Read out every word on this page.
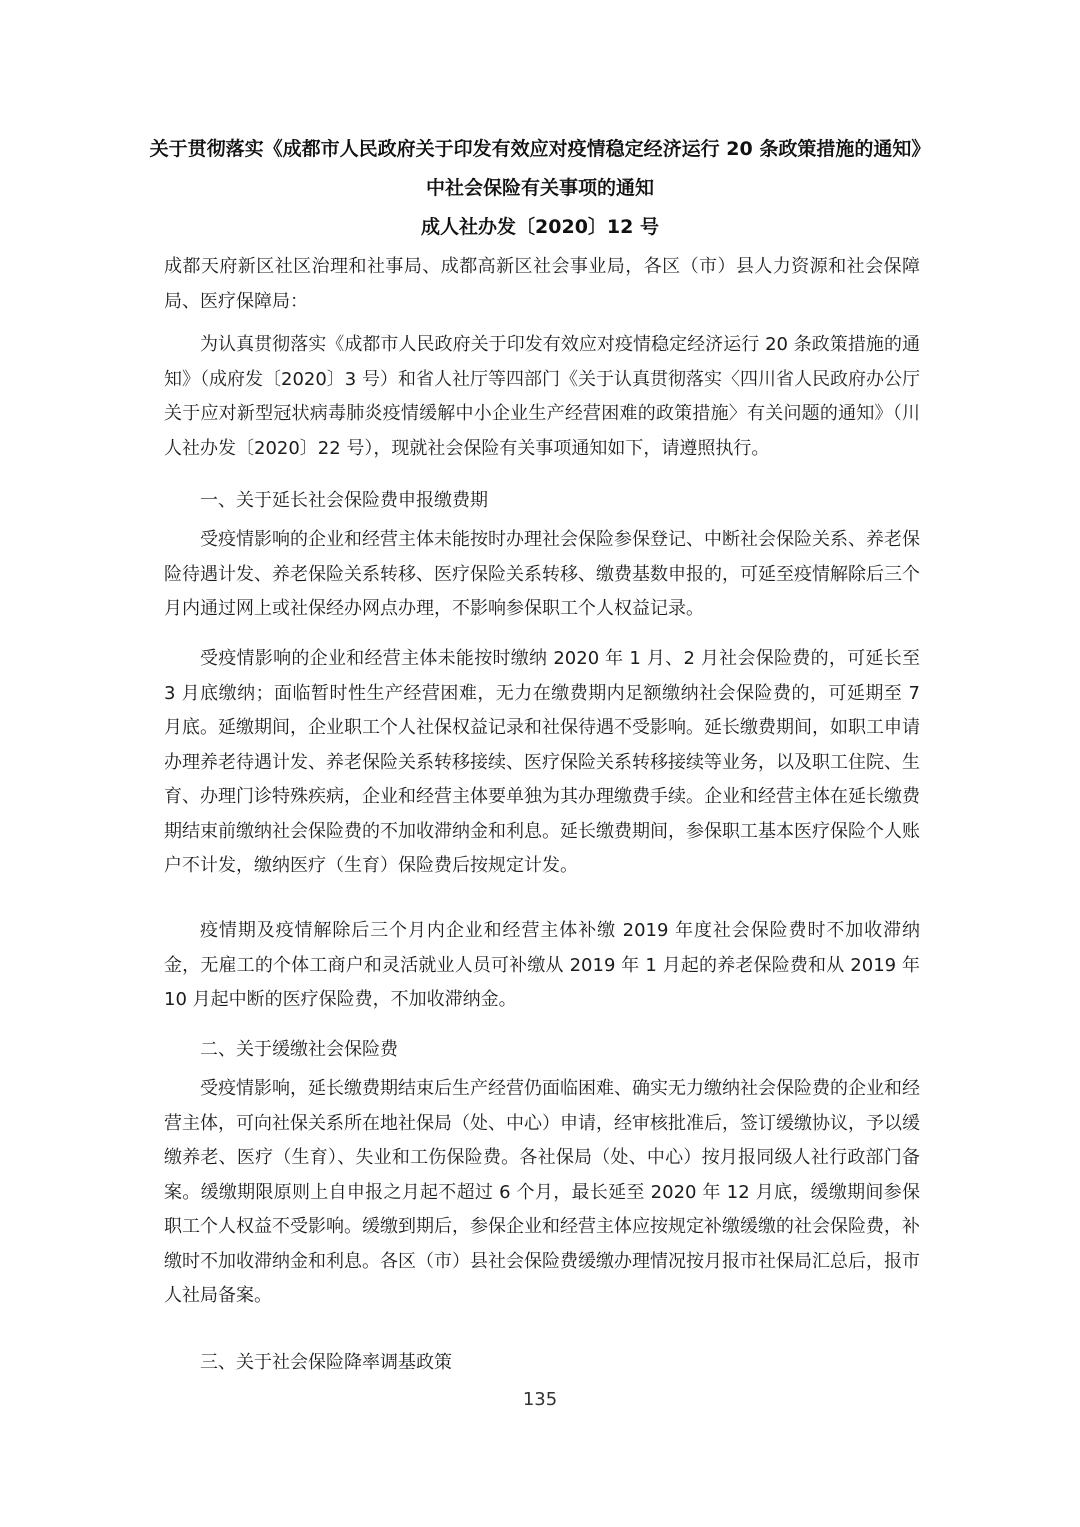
关于贯彻落实《成都市人民政府关于印发有效应对疫情稳定经济运行 20 条政策措施的通知》
中社会保险有关事项的通知
成人社办发〔2020〕12 号
成都天府新区社区治理和社事局、成都高新区社会事业局，各区（市）县人力资源和社会保障局、医疗保障局：
为认真贯彻落实《成都市人民政府关于印发有效应对疫情稳定经济运行 20 条政策措施的通知》（成府发〔2020〕3 号）和省人社厅等四部门《关于认真贯彻落实〈四川省人民政府办公厅关于应对新型冠状病毒肺炎疫情缓解中小企业生产经营困难的政策措施〉有关问题的通知》（川人社办发〔2020〕22 号），现就社会保险有关事项通知如下，请遵照执行。
一、关于延长社会保险费申报缴费期
受疫情影响的企业和经营主体未能按时办理社会保险参保登记、中断社会保险关系、养老保险待遇计发、养老保险关系转移、医疗保险关系转移、缴费基数申报的，可延至疫情解除后三个月内通过网上或社保经办网点办理，不影响参保职工个人权益记录。
受疫情影响的企业和经营主体未能按时缴纳 2020 年 1 月、2 月社会保险费的，可延长至 3 月底缴纳；面临暂时性生产经营困难，无力在缴费期内足额缴纳社会保险费的，可延期至 7 月底。延缴期间，企业职工个人社保权益记录和社保待遇不受影响。延长缴费期间，如职工申请办理养老待遇计发、养老保险关系转移接续、医疗保险关系转移接续等业务，以及职工住院、生育、办理门诊特殊疾病，企业和经营主体要单独为其办理缴费手续。企业和经营主体在延长缴费期结束前缴纳社会保险费的不加收滞纳金和利息。延长缴费期间，参保职工基本医疗保险个人账户不计发，缴纳医疗（生育）保险费后按规定计发。
疫情期及疫情解除后三个月内企业和经营主体补缴 2019 年度社会保险费时不加收滞纳金，无雇工的个体工商户和灵活就业人员可补缴从 2019 年 1 月起的养老保险费和从 2019 年 10 月起中断的医疗保险费，不加收滞纳金。
二、关于缓缴社会保险费
受疫情影响，延长缴费期结束后生产经营仍面临困难、确实无力缴纳社会保险费的企业和经营主体，可向社保关系所在地社保局（处、中心）申请，经审核批准后，签订缓缴协议，予以缓缴养老、医疗（生育）、失业和工伤保险费。各社保局（处、中心）按月报同级人社行政部门备案。缓缴期限原则上自申报之月起不超过 6 个月，最长延至 2020 年 12 月底，缓缴期间参保职工个人权益不受影响。缓缴到期后，参保企业和经营主体应按规定补缴缓缴的社会保险费，补缴时不加收滞纳金和利息。各区（市）县社会保险费缓缴办理情况按月报市社保局汇总后，报市人社局备案。
三、关于社会保险降率调基政策
135
